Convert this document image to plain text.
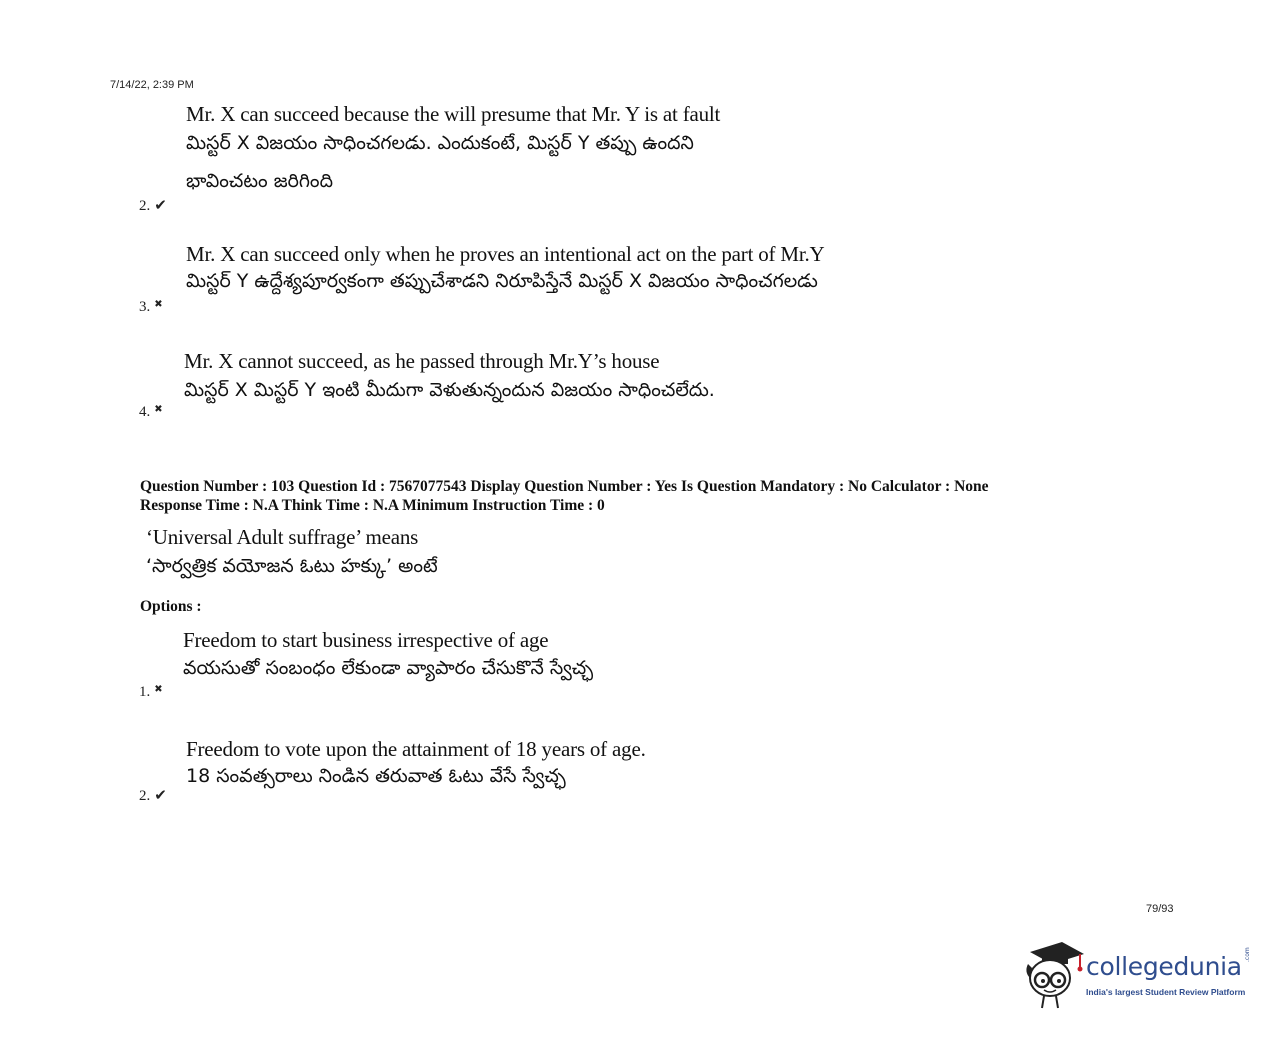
7/14/22, 2:39 PM
Mr. X can succeed because the will presume that Mr. Y is at fault
మిస్టర్ X విజయం సాధించగలడు. ఎందుకంటే, మిస్టర్ Y తప్పు ఉందని
భావించటం జరిగింది
2. ✔
Mr. X can succeed only when he proves an intentional act on the part of Mr.Y
మిస్టర్ Y ఉద్దేశ్యపూర్వకంగా తప్పుచేశాడని నిరూపిస్తేనే మిస్టర్ X విజయం సాధించగలడు
3. ✖
Mr. X cannot succeed, as he passed through Mr.Y’s house
మిస్టర్ X మిస్టర్ Y ఇంటి మీదుగా వెళుతున్నందున విజయం సాధించలేదు.
4. ✖
Question Number : 103 Question Id : 7567077543 Display Question Number : Yes Is Question Mandatory : No Calculator : None
Response Time : N.A Think Time : N.A Minimum Instruction Time : 0
‘Universal Adult suffrage’ means
‘సార్వత్రిక వయోజన ఓటు హక్కు’ అంటే
Options :
Freedom to start business irrespective of age
వయసుతో సంబంధం లేకుండా వ్యాపారం చేసుకొనే స్వేచ్ఛ
1. ✖
Freedom to vote upon the attainment of 18 years of age.
18 సంవత్సరాలు నిండిన తరువాత ఓటు వేసే స్వేచ్ఛ
2. ✔
79/93
collegedunia .com
India's largest Student Review Platform
